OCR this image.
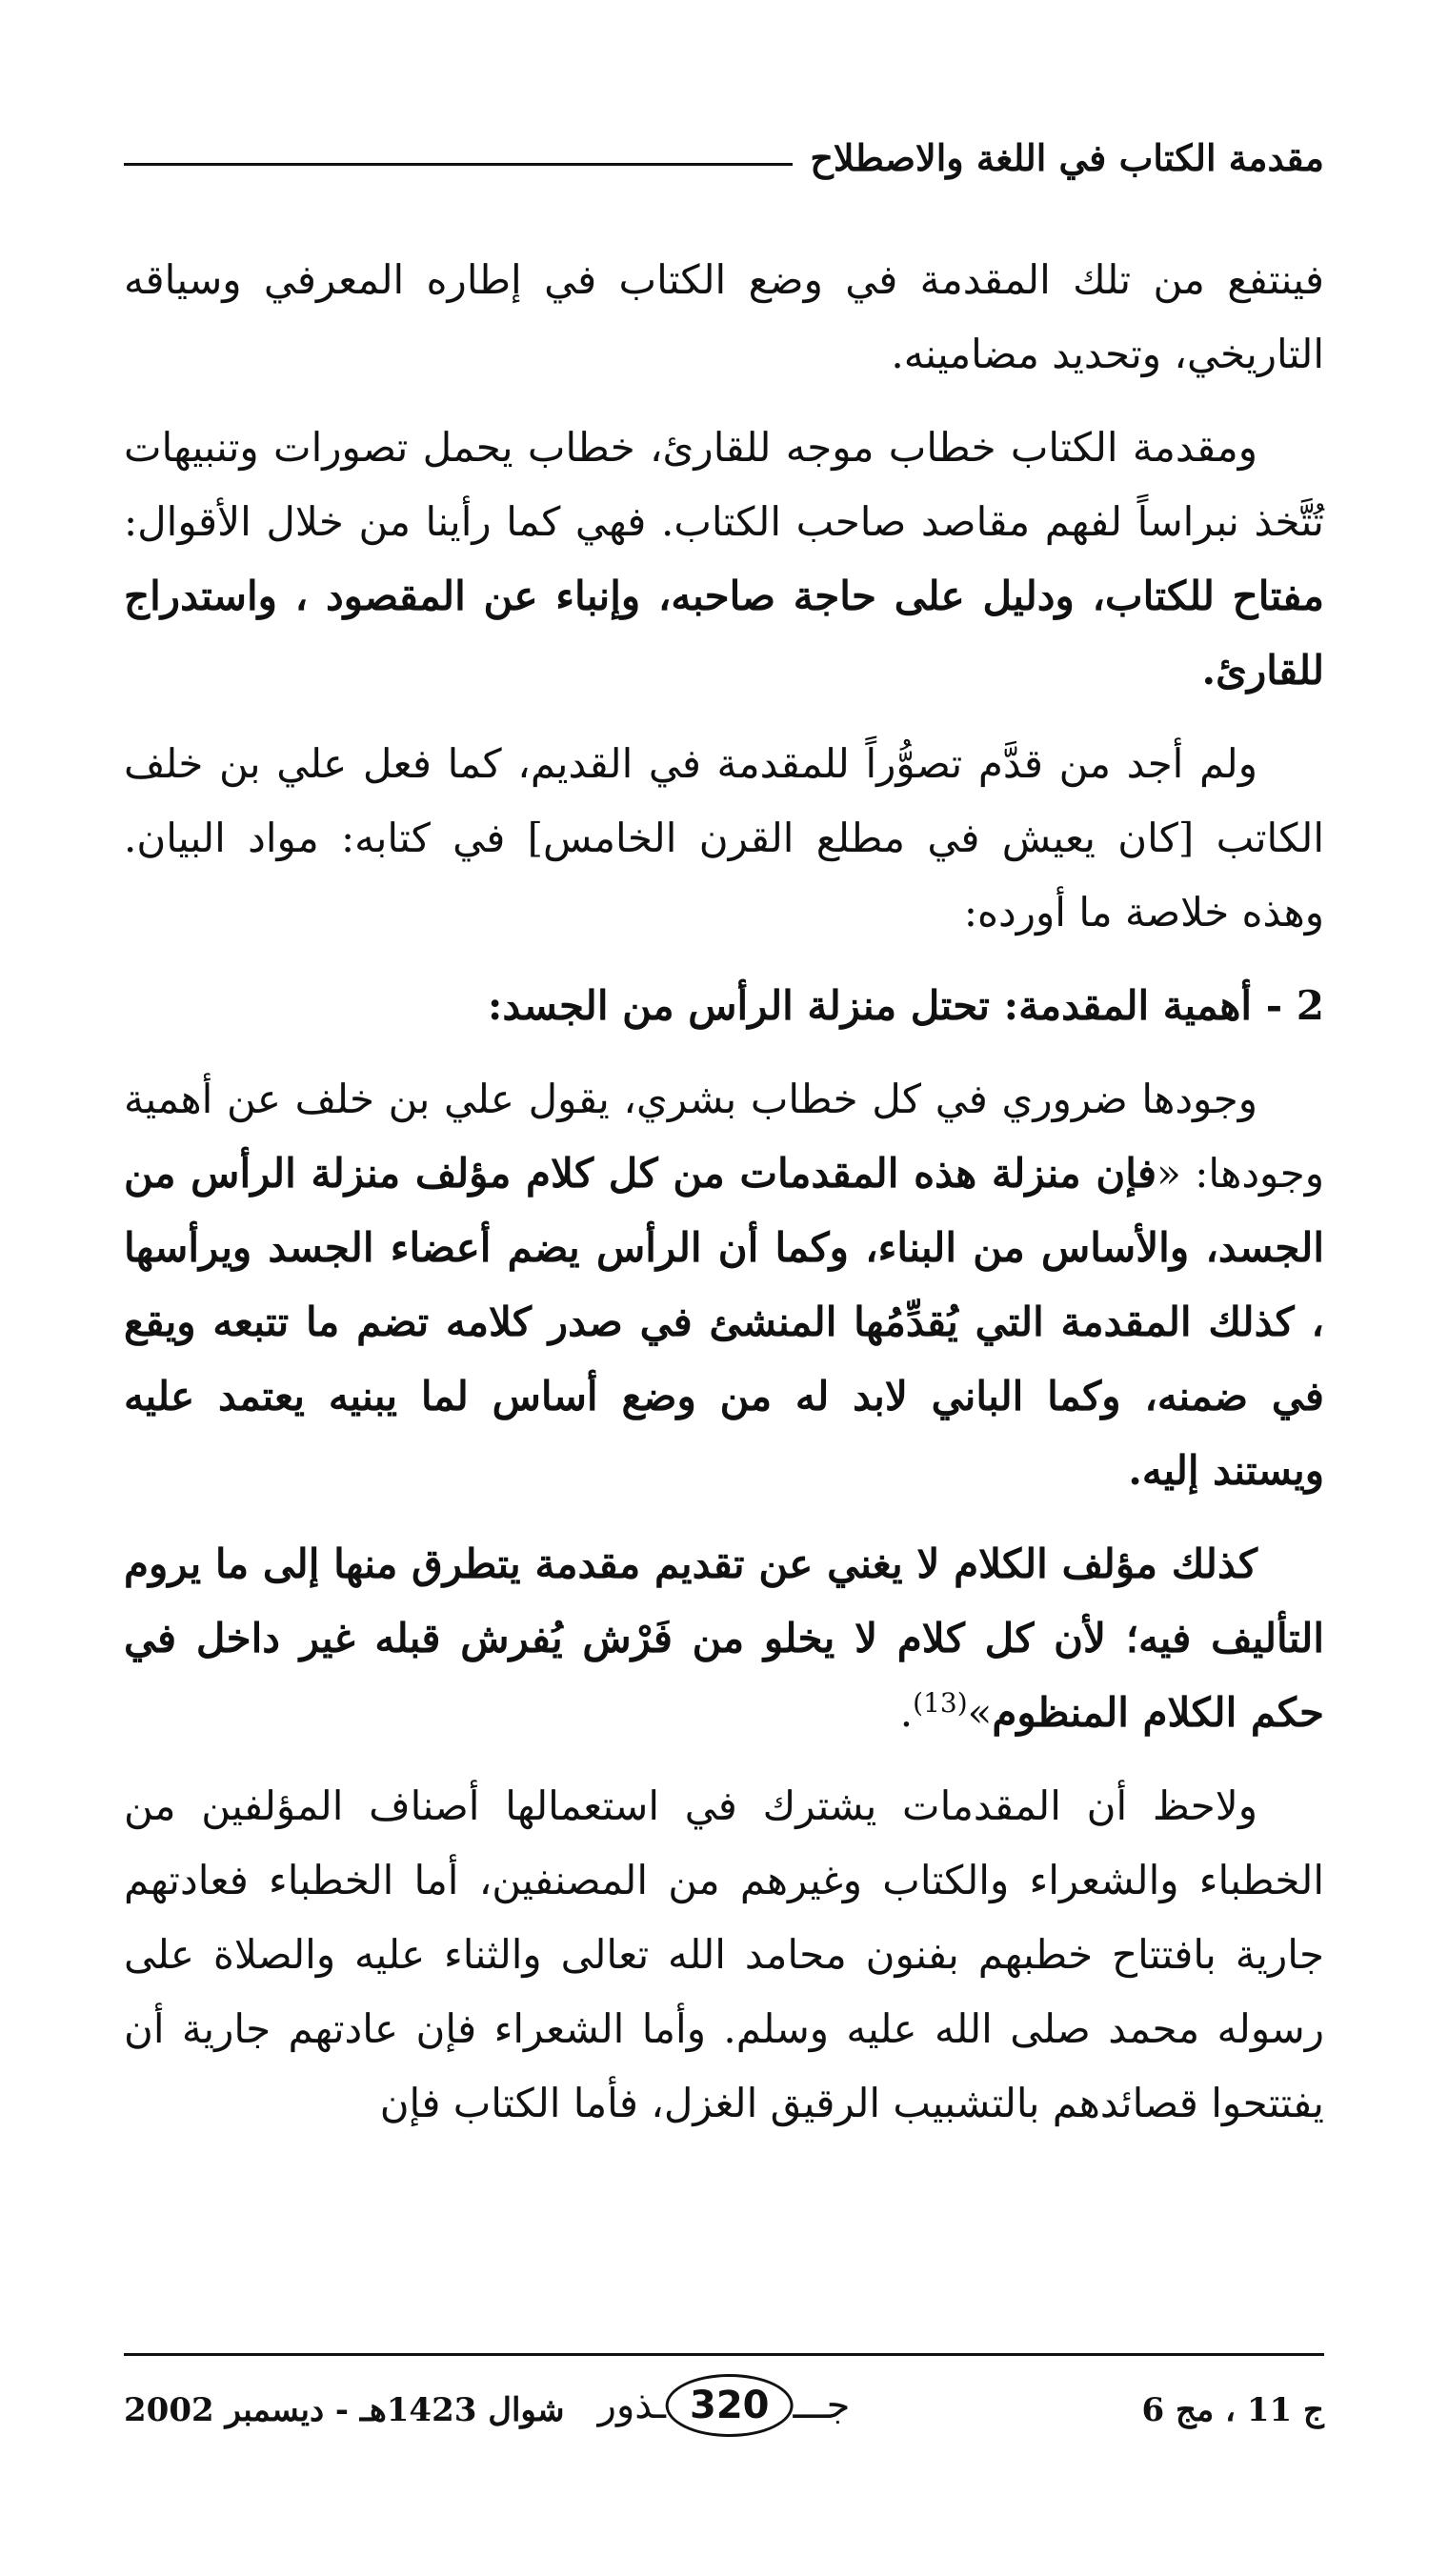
مقدمة الكتاب في اللغة والاصطلاح

فينتفع من تلك المقدمة في وضع الكتاب في إطاره المعرفي وسياقه التاريخي، وتحديد مضامينه.

ومقدمة الكتاب خطاب موجه للقارئ، خطاب يحمل تصورات وتنبيهات تُتَّخذ نبراساً لفهم مقاصد صاحب الكتاب. فهي كما رأينا من خلال الأقوال: مفتاح للكتاب، ودليل على حاجة صاحبه، وإنباء عن المقصود ، واستدراج للقارئ.

ولم أجد من قدَّم تصوُّراً للمقدمة في القديم، كما فعل علي بن خلف الكاتب [كان يعيش في مطلع القرن الخامس] في كتابه: مواد البيان. وهذه خلاصة ما أورده:

2 - أهمية المقدمة: تحتل منزلة الرأس من الجسد:

وجودها ضروري في كل خطاب بشري، يقول علي بن خلف عن أهمية وجودها: «فإن منزلة هذه المقدمات من كل كلام مؤلف منزلة الرأس من الجسد، والأساس من البناء، وكما أن الرأس يضم أعضاء الجسد ويرأسها ، كذلك المقدمة التي يُقدِّمُها المنشئ في صدر كلامه تضم ما تتبعه ويقع في ضمنه، وكما الباني لابد له من وضع أساس لما يبنيه يعتمد عليه ويستند إليه.

كذلك مؤلف الكلام لا يغني عن تقديم مقدمة يتطرق منها إلى ما يروم التأليف فيه؛ لأن كل كلام لا يخلو من فَرْش يُفرش قبله غير داخل في حكم الكلام المنظوم»$^{(13)}$.

ولاحظ أن المقدمات يشترك في استعمالها أصناف المؤلفين من الخطباء والشعراء والكتاب وغيرهم من المصنفين، أما الخطباء فعادتهم جارية بافتتاح خطبهم بفنون محامد الله تعالى والثناء عليه والصلاة على رسوله محمد صلى الله عليه وسلم. وأما الشعراء فإن عادتهم جارية أن يفتتحوا قصائدهم بالتشبيب الرقيق الغزل، فأما الكتاب فإن

ج 11 ، مج 6
جـــ
320
ـذور
شوال 1423هـ - ديسمبر 2002
